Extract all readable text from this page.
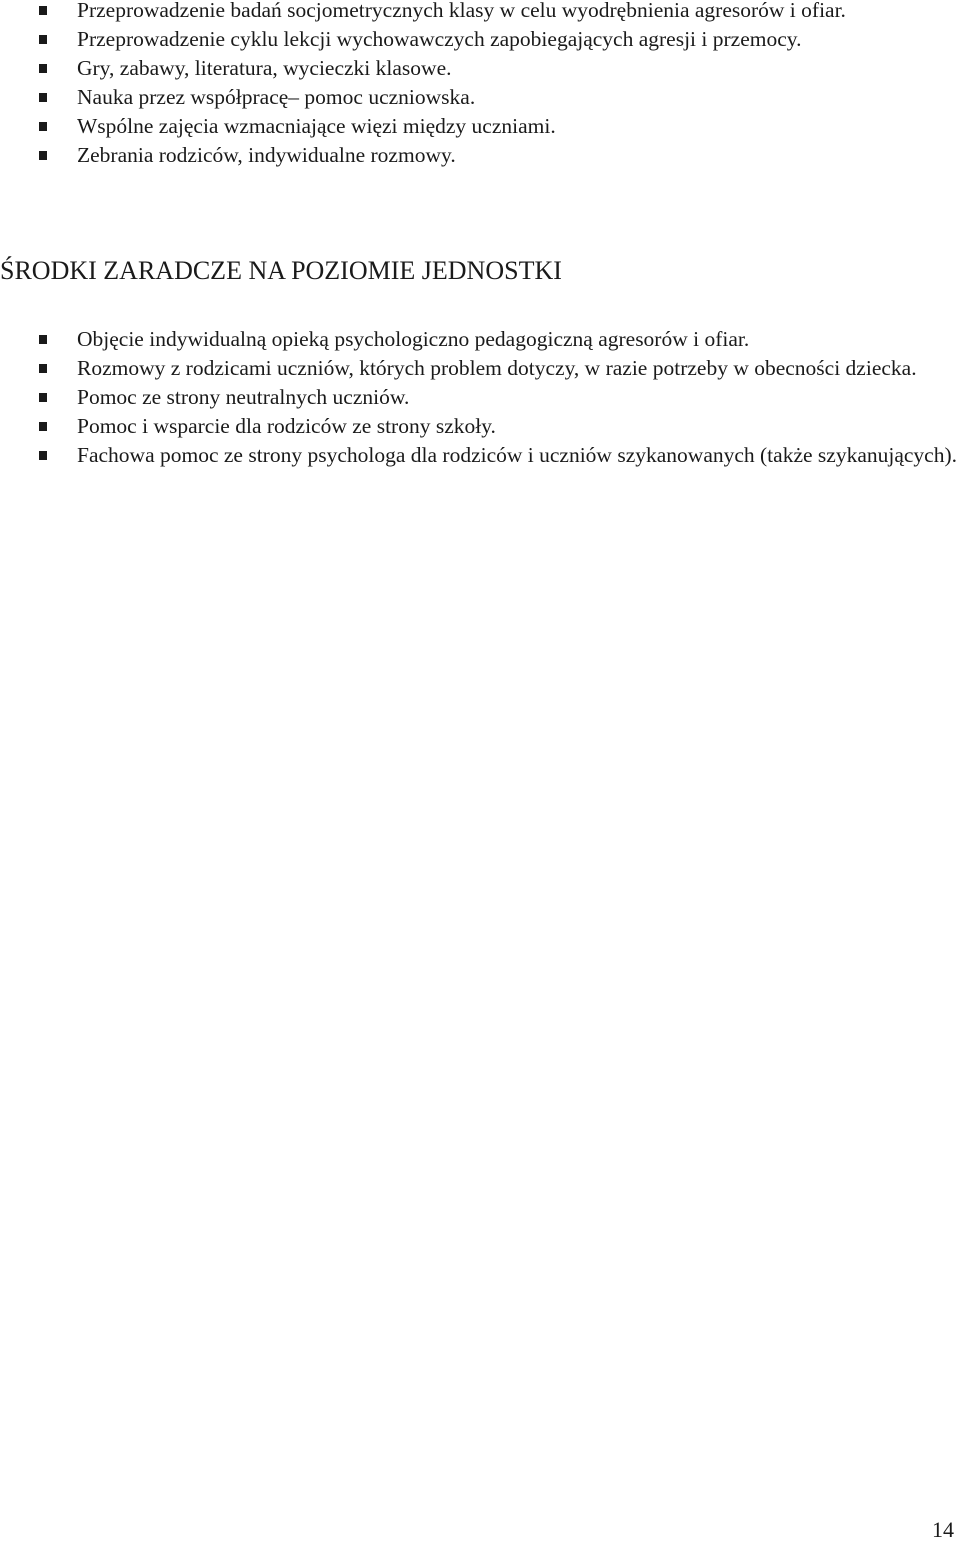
Przeprowadzenie badań socjometrycznych klasy w celu wyodrębnienia agresorów i ofiar.
Przeprowadzenie cyklu lekcji wychowawczych zapobiegających agresji i przemocy.
Gry, zabawy, literatura, wycieczki klasowe.
Nauka przez współpracę– pomoc uczniowska.
Wspólne zajęcia wzmacniające więzi między uczniami.
Zebrania rodziców, indywidualne rozmowy.
ŚRODKI ZARADCZE NA POZIOMIE JEDNOSTKI
Objęcie indywidualną opieką psychologiczno pedagogiczną agresorów i ofiar.
Rozmowy z rodzicami uczniów, których problem dotyczy, w razie potrzeby w obecności dziecka.
Pomoc ze strony neutralnych uczniów.
Pomoc i wsparcie dla rodziców ze strony szkoły.
Fachowa pomoc ze strony psychologa dla rodziców i uczniów szykanowanych (także szykanujących).
14
